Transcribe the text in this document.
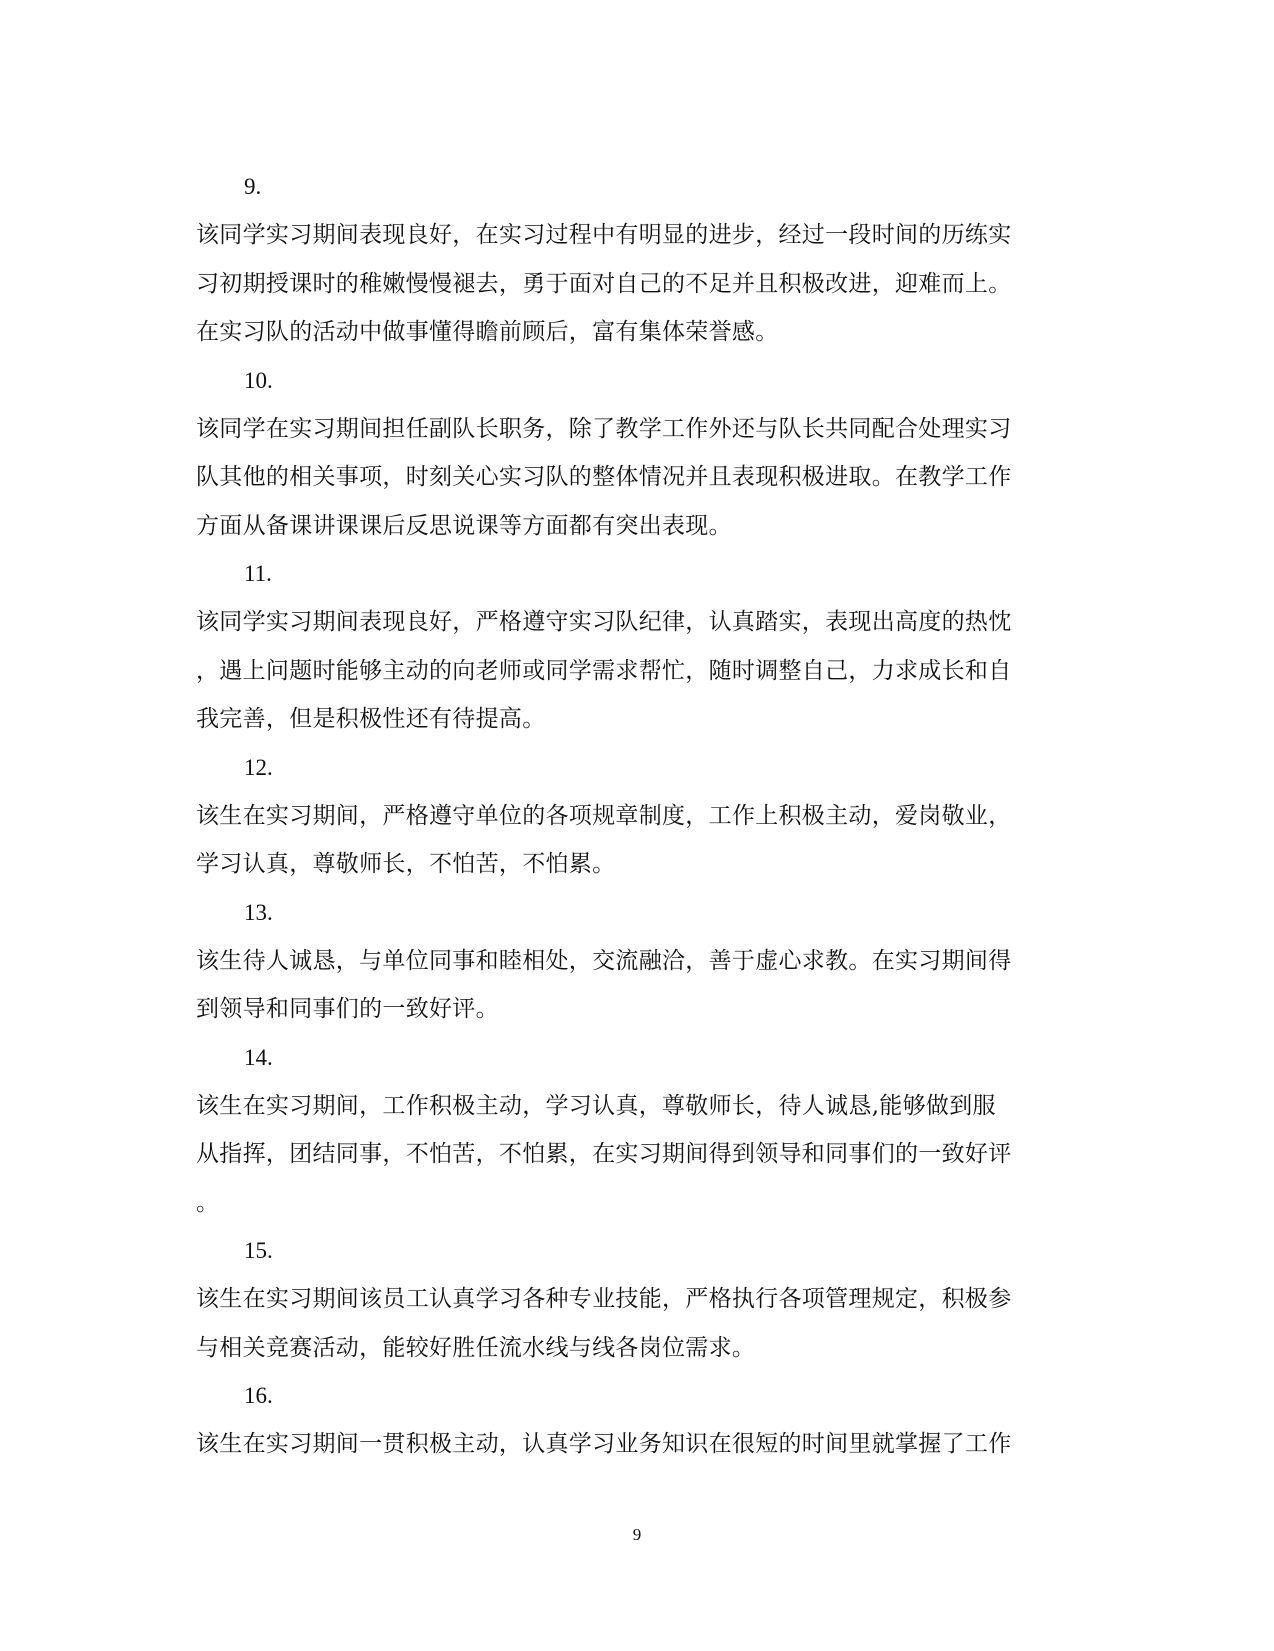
9.
该同学实习期间表现良好，在实习过程中有明显的进步，经过一段时间的历练实
习初期授课时的稚嫩慢慢褪去，勇于面对自己的不足并且积极改进，迎难而上。
在实习队的活动中做事懂得瞻前顾后，富有集体荣誉感。
10.
该同学在实习期间担任副队长职务，除了教学工作外还与队长共同配合处理实习
队其他的相关事项，时刻关心实习队的整体情况并且表现积极进取。在教学工作
方面从备课讲课课后反思说课等方面都有突出表现。
11.
该同学实习期间表现良好，严格遵守实习队纪律，认真踏实，表现出高度的热忱
，遇上问题时能够主动的向老师或同学需求帮忙，随时调整自己，力求成长和自
我完善，但是积极性还有待提高。
12.
该生在实习期间，严格遵守单位的各项规章制度，工作上积极主动，爱岗敬业，
学习认真，尊敬师长，不怕苦，不怕累。
13.
该生待人诚恳，与单位同事和睦相处，交流融洽，善于虚心求教。在实习期间得
到领导和同事们的一致好评。
14.
该生在实习期间，工作积极主动，学习认真，尊敬师长，待人诚恳,能够做到服
从指挥，团结同事，不怕苦，不怕累，在实习期间得到领导和同事们的一致好评
。
15.
该生在实习期间该员工认真学习各种专业技能，严格执行各项管理规定，积极参
与相关竞赛活动，能较好胜任流水线与线各岗位需求。
16.
该生在实习期间一贯积极主动，认真学习业务知识在很短的时间里就掌握了工作
9
